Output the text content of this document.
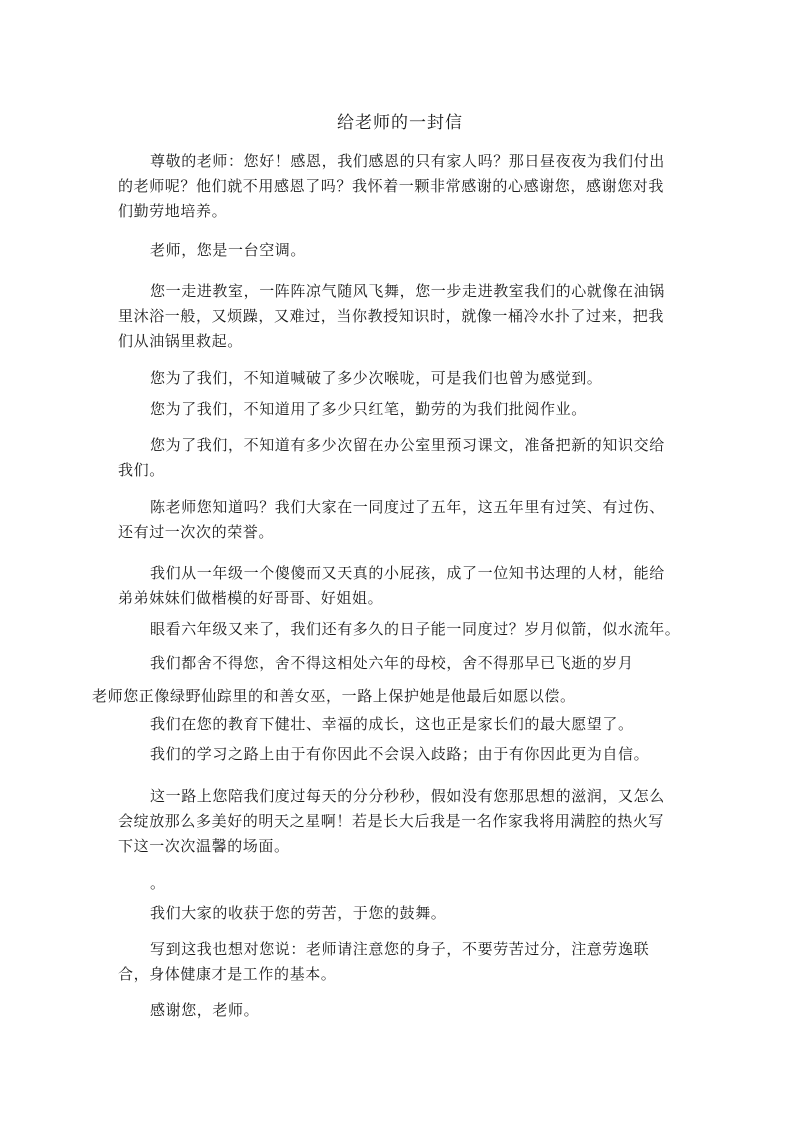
给老师的一封信

尊敬的老师：您好！感恩，我们感恩的只有家人吗？那日昼夜夜为我们付出的老师呢？他们就不用感恩了吗？我怀着一颗非常感谢的心感谢您，感谢您对我们勤劳地培养。

老师，您是一台空调。

您一走进教室，一阵阵凉气随风飞舞，您一步走进教室我们的心就像在油锅里沐浴一般，又烦躁，又难过，当你教授知识时，就像一桶冷水扑了过来，把我们从油锅里救起。

您为了我们，不知道喊破了多少次喉咙，可是我们也曾为感觉到。

您为了我们，不知道用了多少只红笔，勤劳的为我们批阅作业。

您为了我们，不知道有多少次留在办公室里预习课文，准备把新的知识交给我们。

陈老师您知道吗？我们大家在一同度过了五年，这五年里有过笑、有过伤、还有过一次次的荣誉。

我们从一年级一个傻傻而又天真的小屁孩，成了一位知书达理的人材，能给弟弟妹妹们做楷模的好哥哥、好姐姐。

眼看六年级又来了，我们还有多久的日子能一同度过？岁月似箭，似水流年。

我们都舍不得您，舍不得这相处六年的母校，舍不得那早已飞逝的岁月

老师您正像绿野仙踪里的和善女巫，一路上保护她是他最后如愿以偿。

我们在您的教育下健壮、幸福的成长，这也正是家长们的最大愿望了。

我们的学习之路上由于有你因此不会误入歧路；由于有你因此更为自信。

这一路上您陪我们度过每天的分分秒秒，假如没有您那思想的滋润，又怎么会绽放那么多美好的明天之星啊！若是长大后我是一名作家我将用满腔的热火写下这一次次温馨的场面。

。

我们大家的收获于您的劳苦，于您的鼓舞。

写到这我也想对您说：老师请注意您的身子，不要劳苦过分，注意劳逸联合，身体健康才是工作的基本。

感谢您，老师。
